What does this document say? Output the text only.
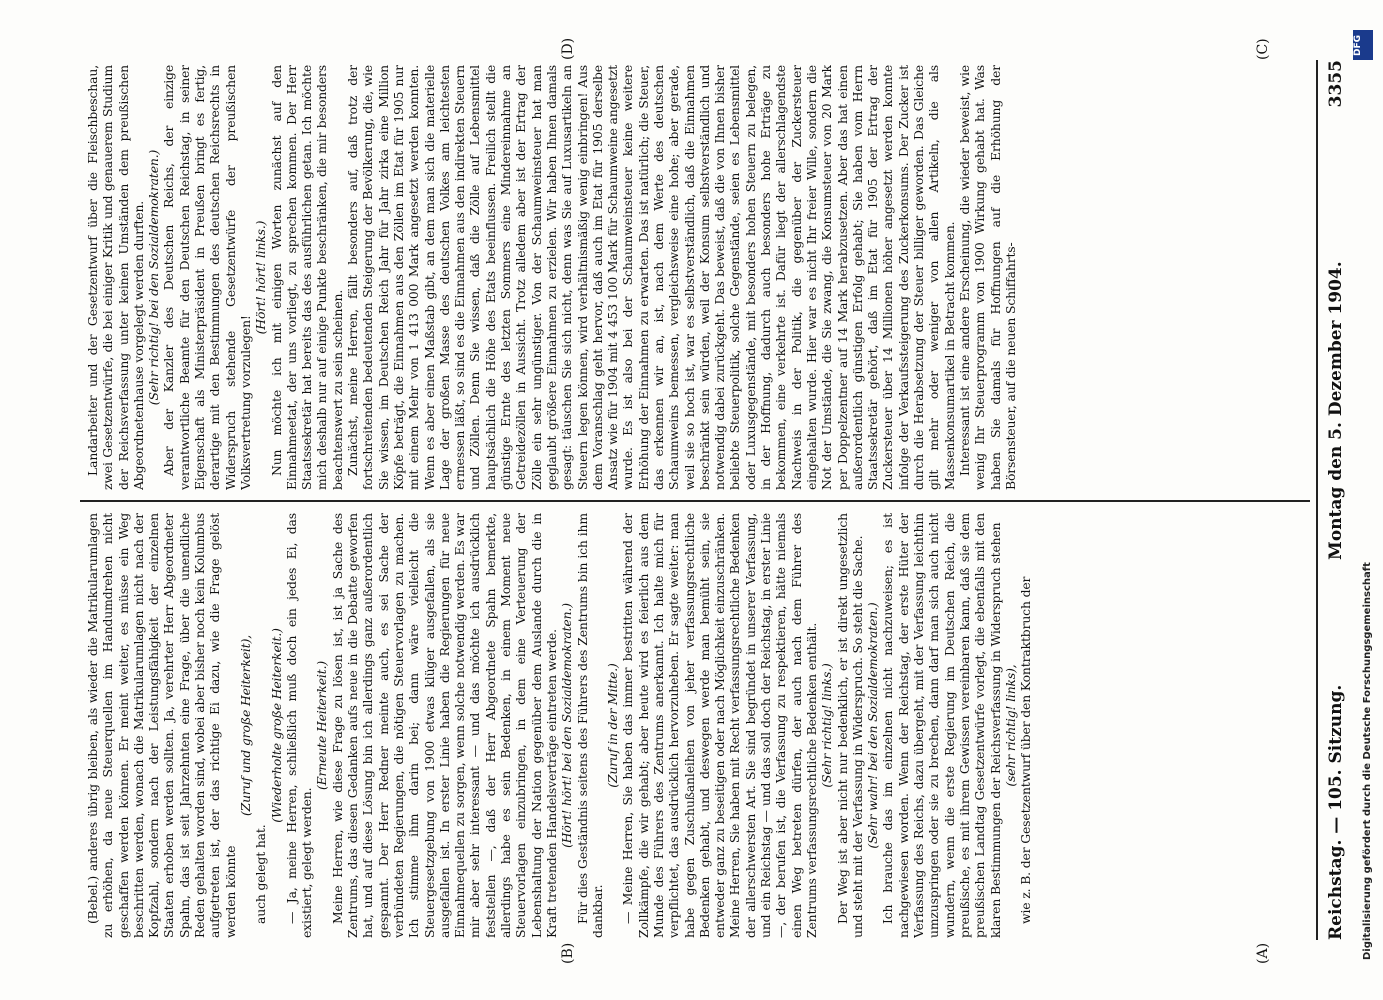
Reichstag. — 105. Sitzung.
Montag den 5. Dezember 1904.
3355
(A)
(B)
(C)
(D)

(Bebel.) anderes übrig bleiben, als wieder die Matrikularumlagen zu erhöhen, da neue Steuerquellen im Handumdrehen nicht geschaffen werden können. Er meint weiter, es müsse ein Weg beschritten werden, wonach die Matrikularumlagen nicht nach der Kopfzahl, sondern nach der Leistungsfähigkeit der einzelnen Staaten erhoben werden sollten. Ja, verehrter Herr Abgeordneter Spahn, das ist seit Jahrzehnten eine Frage, über die unendliche Reden gehalten worden sind, wobei aber bisher noch kein Kolumbus aufgetreten ist, der das richtige Ei dazu, wie die Frage gelöst werden könnte

(Zuruf und große Heiterkeit),

auch gelegt hat.

(Wiederholte große Heiterkeit.) — Ja, meine Herren, schließlich muß doch ein jedes Ei, das existiert, gelegt werden.

(Erneute Heiterkeit.) Meine Herren, wie diese Frage zu lösen ist, ist ja Sache des Zentrums, das diesen Gedanken aufs neue in die Debatte geworfen hat, und auf diese Lösung bin ich allerdings ganz außerordentlich gespannt. Der Herr Redner meinte auch, es sei Sache der verbündeten Regierungen, die nötigen Steuervorlagen zu machen. Ich stimme ihm darin bei; dann wäre vielleicht die Steuergesetzgebung von 1900 etwas klüger ausgefallen, als sie ausgefallen ist. In erster Linie haben die Regierungen für neue Einnahmequellen zu sorgen, wenn solche notwendig werden. Es war mir aber sehr interessant — und das möchte ich ausdrücklich feststellen —, daß der Herr Abgeordnete Spahn bemerkte, allerdings habe es sein Bedenken, in einem Moment neue Steuervorlagen einzubringen, in dem eine Verteuerung der Lebenshaltung der Nation gegenüber dem Auslande durch die in Kraft tretenden Handelsverträge eintreten werde. (Hört! hört! bei den Sozialdemokraten.) Für dies Geständnis seitens des Führers des Zentrums bin ich ihm dankbar.

(Zuruf in der Mitte.) — Meine Herren, Sie haben das immer bestritten während der Zollkämpfe, die wir gehabt; aber heute wird es feierlich aus dem Munde des Führers des Zentrums anerkannt. Ich halte mich für verpflichtet, das ausdrücklich hervorzuheben. Er sagte weiter: man habe gegen Zuschußanleihen von jeher verfassungsrechtliche Bedenken gehabt, und deswegen werde man bemüht sein, sie entweder ganz zu beseitigen oder nach Möglichkeit einzuschränken. Meine Herren, Sie haben mit Recht verfassungsrechtliche Bedenken der allerschwersten Art. Sie sind begründet in unserer Verfassung, und ein Reichstag — und das soll doch der Reichstag, in erster Linie —, der berufen ist, die Verfassung zu respektieren, hätte niemals einen Weg betreten dürfen, der auch nach dem Führer des Zentrums verfassungsrechtliche Bedenken enthält. (Sehr richtig! links.) Der Weg ist aber nicht nur bedenklich, er ist direkt ungesetzlich und steht mit der Verfassung in Widerspruch. So steht die Sache. (Sehr wahr! bei den Sozialdemokraten.) Ich brauche das im einzelnen nicht nachzuweisen; es ist nachgewiesen worden. Wenn der Reichstag, der erste Hüter der Verfassung des Reichs, dazu übergeht, mit der Verfassung leichthin umzuspringen oder sie zu brechen, dann darf man sich auch nicht wundern, wenn die erste Regierung im Deutschen Reich, die preußische, es mit ihrem Gewissen vereinbaren kann, daß sie dem preußischen Landtag Gesetzentwürfe vorlegt, die ebenfalls mit den klaren Bestimmungen der Reichsverfassung in Widerspruch stehen (sehr richtig! links), wie z. B. der Gesetzentwurf über den Kontraktbruch der

Landarbeiter und der Gesetzentwurf über die Fleischbeschau, zwei Gesetzentwürfe, die bei einiger Kritik und genauerem Studium der Reichsverfassung unter keinen Umständen dem preußischen Abgeordnetenhause vorgelegt werden durften. (Sehr richtig! bei den Sozialdemokraten.) Aber der Kanzler des Deutschen Reichs, der einzige verantwortliche Beamte für den Deutschen Reichstag, in seiner Eigenschaft als Ministerpräsident in Preußen bringt es fertig, derartige mit den Bestimmungen des deutschen Reichsrechts in Widerspruch stehende Gesetzentwürfe der preußischen Volksvertretung vorzulegen!

(Hört! hört! links.) Nun möchte ich mit einigen Worten zunächst auf den Einnahmeetat, der uns vorliegt, zu sprechen kommen. Der Herr Staatssekretär hat bereits das des ausführlichen getan. Ich möchte mich deshalb nur auf einige Punkte beschränken, die mir besonders beachtenswert zu sein scheinen. Zunächst, meine Herren, fällt besonders auf, daß trotz der fortschreitenden bedeutenden Steigerung der Bevölkerung, die, wie Sie wissen, im Deutschen Reich Jahr für Jahr zirka eine Million Köpfe beträgt, die Einnahmen aus den Zöllen im Etat für 1905 nur mit einem Mehr von 1 413 000 Mark angesetzt werden konnten. Wenn es aber einen Maßstab gibt, an dem man sich die materielle Lage der großen Masse des deutschen Volkes am leichtesten ermessen läßt, so sind es die Einnahmen aus den indirekten Steuern und Zöllen. Denn Sie wissen, daß die Zölle auf Lebensmittel hauptsächlich die Höhe des Etats beeinflussen. Freilich stellt die günstige Ernte des letzten Sommers eine Mindereinnahme an Getreidezöllen in Aussicht. Trotz alledem aber ist der Ertrag der Zölle ein sehr ungünstiger. Von der Schaumweinsteuer hat man geglaubt größere Einnahmen zu erzielen. Wir haben Ihnen damals gesagt: täuschen Sie sich nicht, denn was Sie auf Luxusartikeln an Steuern legen können, wird verhältnismäßig wenig einbringen! Aus dem Voranschlag geht hervor, daß auch im Etat für 1905 derselbe Ansatz wie für 1904 mit 4 453 100 Mark für Schaumweine angesetzt wurde. Es ist also bei der Schaumweinsteuer keine weitere Erhöhung der Einnahmen zu erwarten. Das ist natürlich; die Steuer, das erkennen wir an, ist, nach dem Werte des deutschen Schaumweins bemessen, vergleichsweise eine hohe; aber gerade, weil sie so hoch ist, war es selbstverständlich, daß die Einnahmen beschränkt sein würden, weil der Konsum selbstverständlich und notwendig dabei zurückgeht. Das beweist, daß die von Ihnen bisher beliebte Steuerpolitik, solche Gegenstände, seien es Lebensmittel oder Luxusgegenstände, mit besonders hohen Steuern zu belegen, in der Hoffnung, dadurch auch besonders hohe Erträge zu bekommen, eine verkehrte ist. Dafür liegt der allerschlagendste Nachweis in der Politik, die gegenüber der Zuckersteuer eingehalten wurde. Hier war es nicht Ihr freier Wille, sondern die Not der Umstände, die Sie zwang, die Konsumsteuer von 20 Mark per Doppelzentner auf 14 Mark herabzusetzen. Aber das hat einen außerordentlich günstigen Erfolg gehabt; Sie haben vom Herrn Staatssekretär gehört, daß im Etat für 1905 der Ertrag der Zuckersteuer über 14 Millionen höher angesetzt werden konnte infolge der Verkaufssteigerung des Zuckerkonsums. Der Zucker ist durch die Herabsetzung der Steuer billiger geworden. Das Gleiche gilt mehr oder weniger von allen Artikeln, die als Massenkonsumartikel in Betracht kommen. Interessant ist eine andere Erscheinung, die wieder beweist, wie wenig Ihr Steuerprogramm von 1900 Wirkung gehabt hat. Was haben Sie damals für Hoffnungen auf die Erhöhung der Börsensteuer, auf die neuen Schiffahrts-

DFG
Digitalisierung gefördert durch die Deutsche Forschungsgemeinschaft
